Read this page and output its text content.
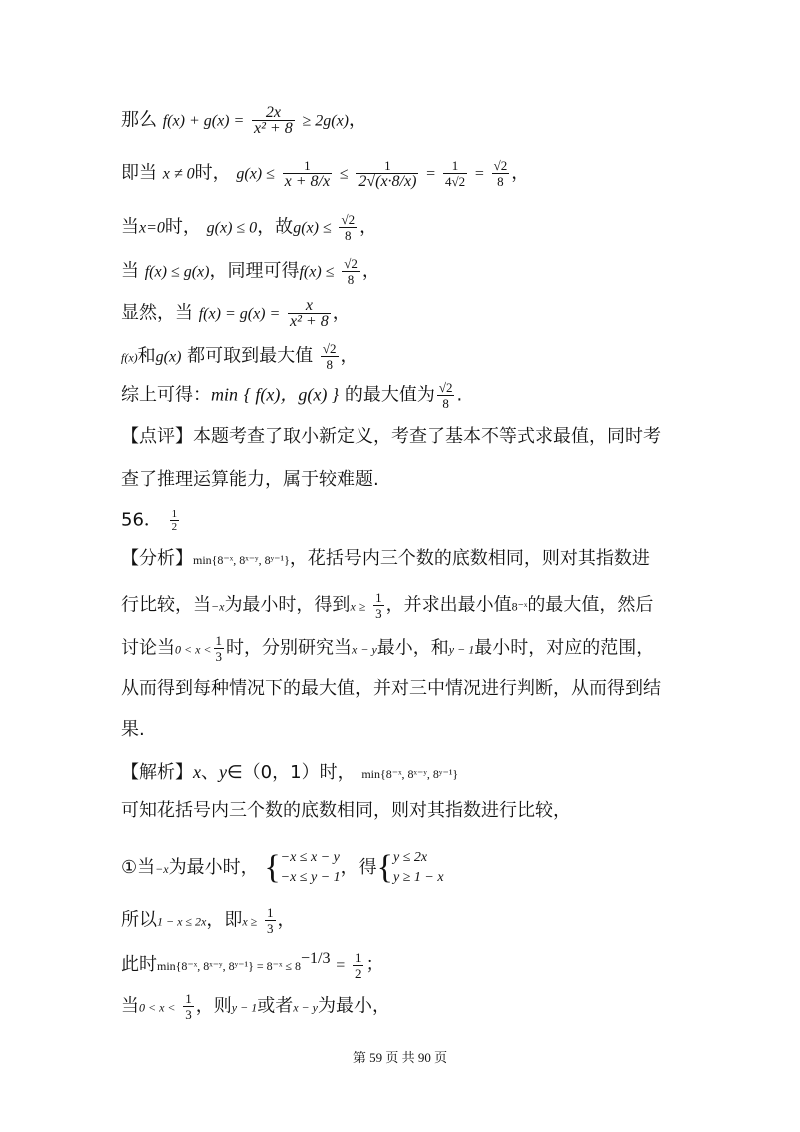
那么 $f(x) + g(x) = \frac{2x}{\text{x² + 8}} \ge 2g(x)$，
即当 x ≠ 0时， $g(x) \le \frac{1}{x + 8/x} \le \frac{1}{2√(x\cdot 8/x)} = \frac{1}{4√2} = \frac{√2}{8}$ ，
当x=0时， g(x) ≤ 0，故$g(x) \le \frac{√2}{8}$ ，
当 f(x) ≤ g(x)，同理可得$f(x) \le \frac{√2}{8}$ ，
显然，当 $f(x) = g(x) = \frac{x}{\text{x² + 8}}$ ，
f(x)和g(x) 都可取到最大值 $\frac{√2}{8}$ ，
综上可得：min { f(x)，g(x) } 的最大值为 $\frac{√2}{8}$ .
【点评】本题考查了取小新定义，考查了基本不等式求最值，同时考
查了推理运算能力，属于较难题.
56． $\frac{1}{2}$
【分析】min{8⁻ˣ, 8ˣ⁻ʸ, 8ʸ⁻¹}，花括号内三个数的底数相同，则对其指数进
行比较，当−x为最小时，得到$x \ge \frac{1}{3}$ ，并求出最小值8⁻ˣ的最大值，然后
讨论当$0 < x < \frac{1}{3}$ 时，分别研究当x − y最小，和y − 1最小时，对应的范围，
从而得到每种情况下的最大值，并对三中情况进行判断，从而得到结
果.
【解析】x、y∈（0，1）时， min{8⁻ˣ, 8ˣ⁻ʸ, 8ʸ⁻¹}
可知花括号内三个数的底数相同，则对其指数进行比较，
①当−x为最小时， { −x ≤ x − y
−x ≤ y − 1 ，得{ y ≤ 2x
y ≥ 1 − x
所以1 − x ≤ 2x，即$x \ge \frac{1}{3}$ ，
此时min{8⁻ˣ, 8ˣ⁻ʸ, 8ʸ⁻¹} = 8⁻ˣ ≤ $8^{-1/3} = \frac{1}{2}$ ；
当$0 < x < \frac{1}{3}$ ，则y − 1或者x − y为最小，
第 59 页 共 90 页
